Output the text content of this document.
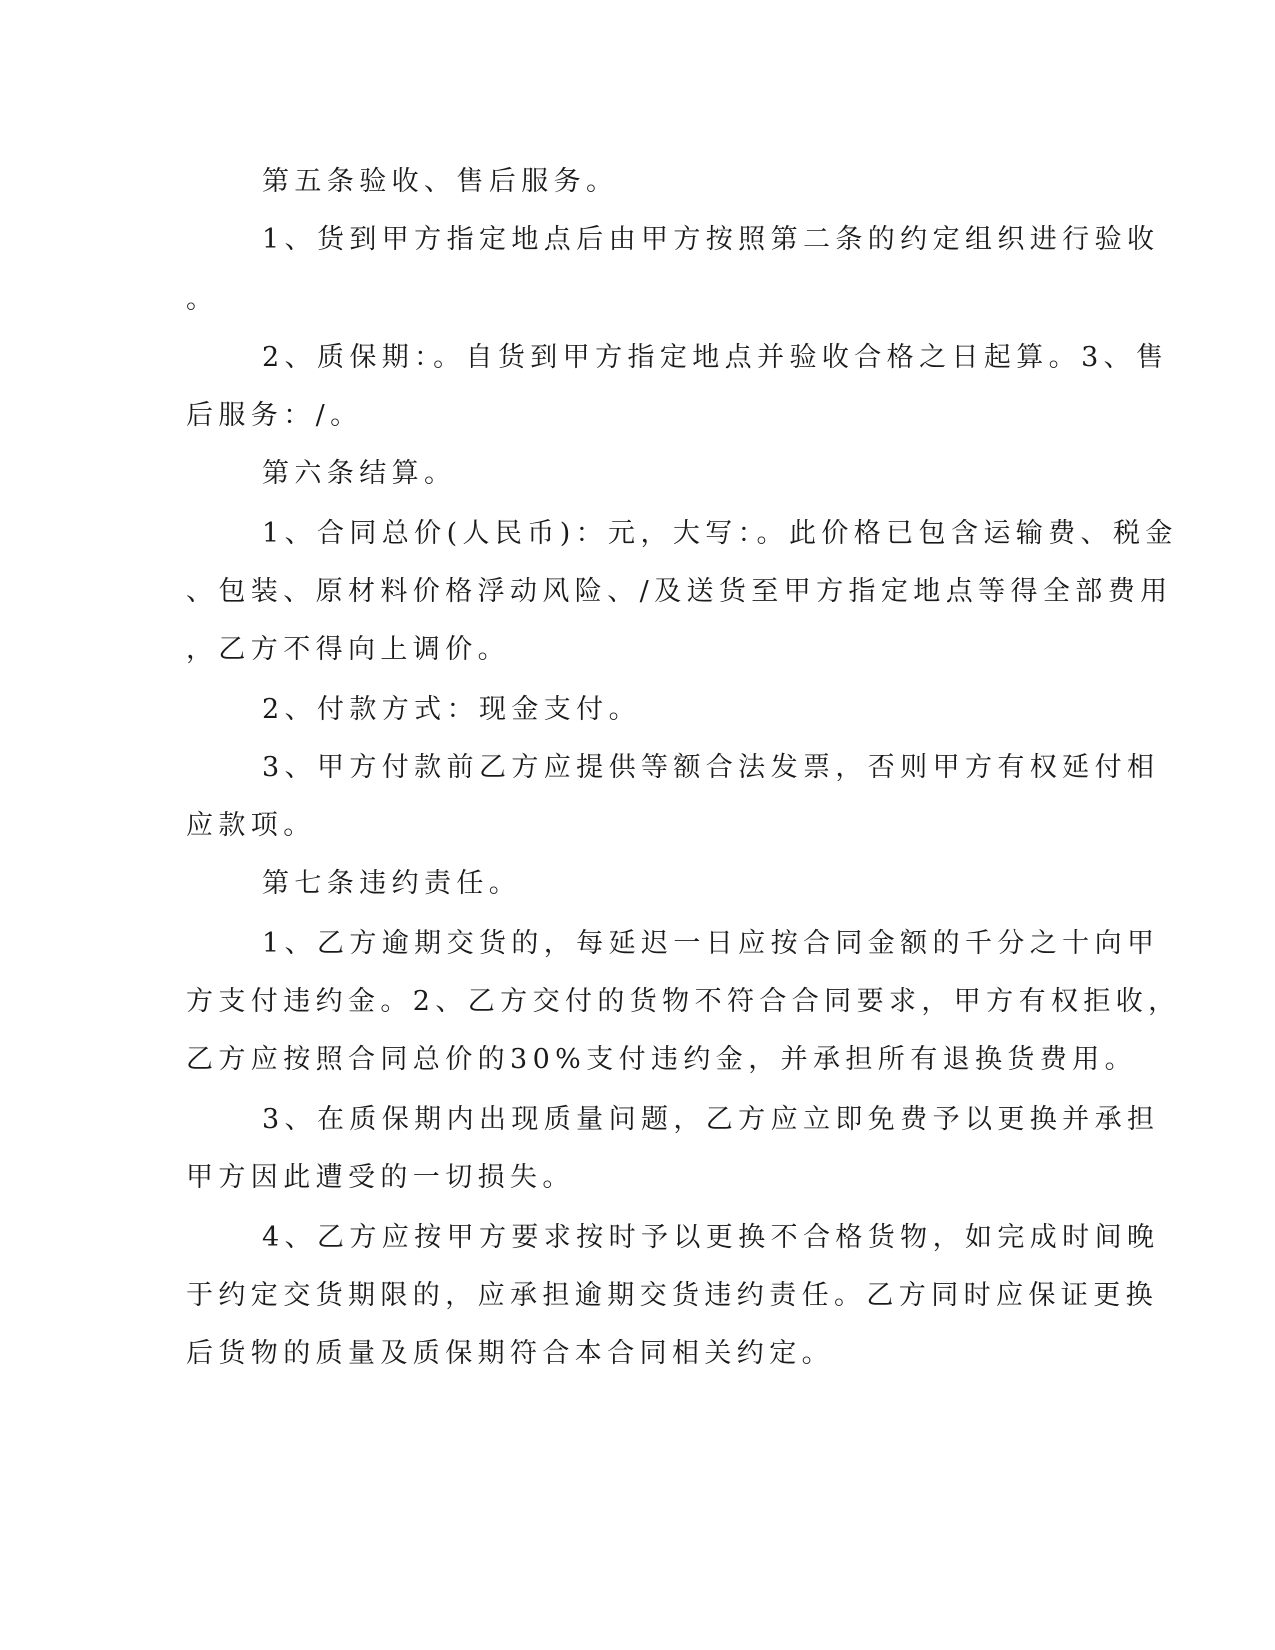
第五条验收、售后服务。
1、货到甲方指定地点后由甲方按照第二条的约定组织进行验收
。
2、质保期：。自货到甲方指定地点并验收合格之日起算。3、售
后服务：/。
第六条结算。
1、合同总价(人民币)：元，大写：。此价格已包含运输费、税金
、包装、原材料价格浮动风险、/及送货至甲方指定地点等得全部费用
，乙方不得向上调价。
2、付款方式：现金支付。
3、甲方付款前乙方应提供等额合法发票，否则甲方有权延付相
应款项。
第七条违约责任。
1、乙方逾期交货的，每延迟一日应按合同金额的千分之十向甲
方支付违约金。2、乙方交付的货物不符合合同要求，甲方有权拒收，
乙方应按照合同总价的30%支付违约金，并承担所有退换货费用。
3、在质保期内出现质量问题，乙方应立即免费予以更换并承担
甲方因此遭受的一切损失。
4、乙方应按甲方要求按时予以更换不合格货物，如完成时间晚
于约定交货期限的，应承担逾期交货违约责任。乙方同时应保证更换
后货物的质量及质保期符合本合同相关约定。
